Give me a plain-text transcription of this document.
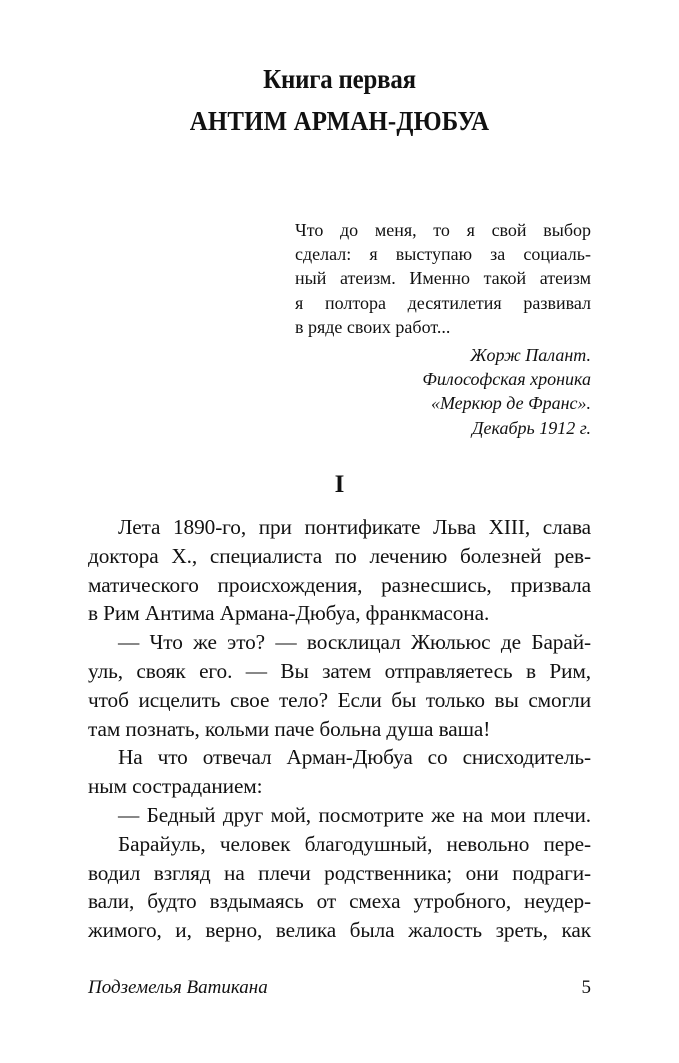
Книга первая
АНТИМ АРМАН-ДЮБУА
Что до меня, то я свой выбор
сделал: я выступаю за социаль-
ный атеизм. Именно такой атеизм
я полтора десятилетия развивал
в ряде своих работ...
Жорж Палант.
Философская хроника
«Меркюр де Франс».
Декабрь 1912 г.
I
Лета 1890-го, при понтификате Льва XIII, слава
доктора Х., специалиста по лечению болезней рев-
матического происхождения, разнесшись, призвала
в Рим Антима Армана-Дюбуа, франкмасона.
— Что же это? — восклицал Жюльюс де Барай-
уль, свояк его. — Вы затем отправляетесь в Рим,
чтоб исцелить свое тело? Если бы только вы смогли
там познать, кольми паче больна душа ваша!
На что отвечал Арман-Дюбуа со снисходитель-
ным состраданием:
— Бедный друг мой, посмотрите же на мои плечи.
Барайуль, человек благодушный, невольно пере-
водил взгляд на плечи родственника; они подраги-
вали, будто вздымаясь от смеха утробного, неудер-
жимого, и, верно, велика была жалость зреть, как
Подземелья Ватикана	5
